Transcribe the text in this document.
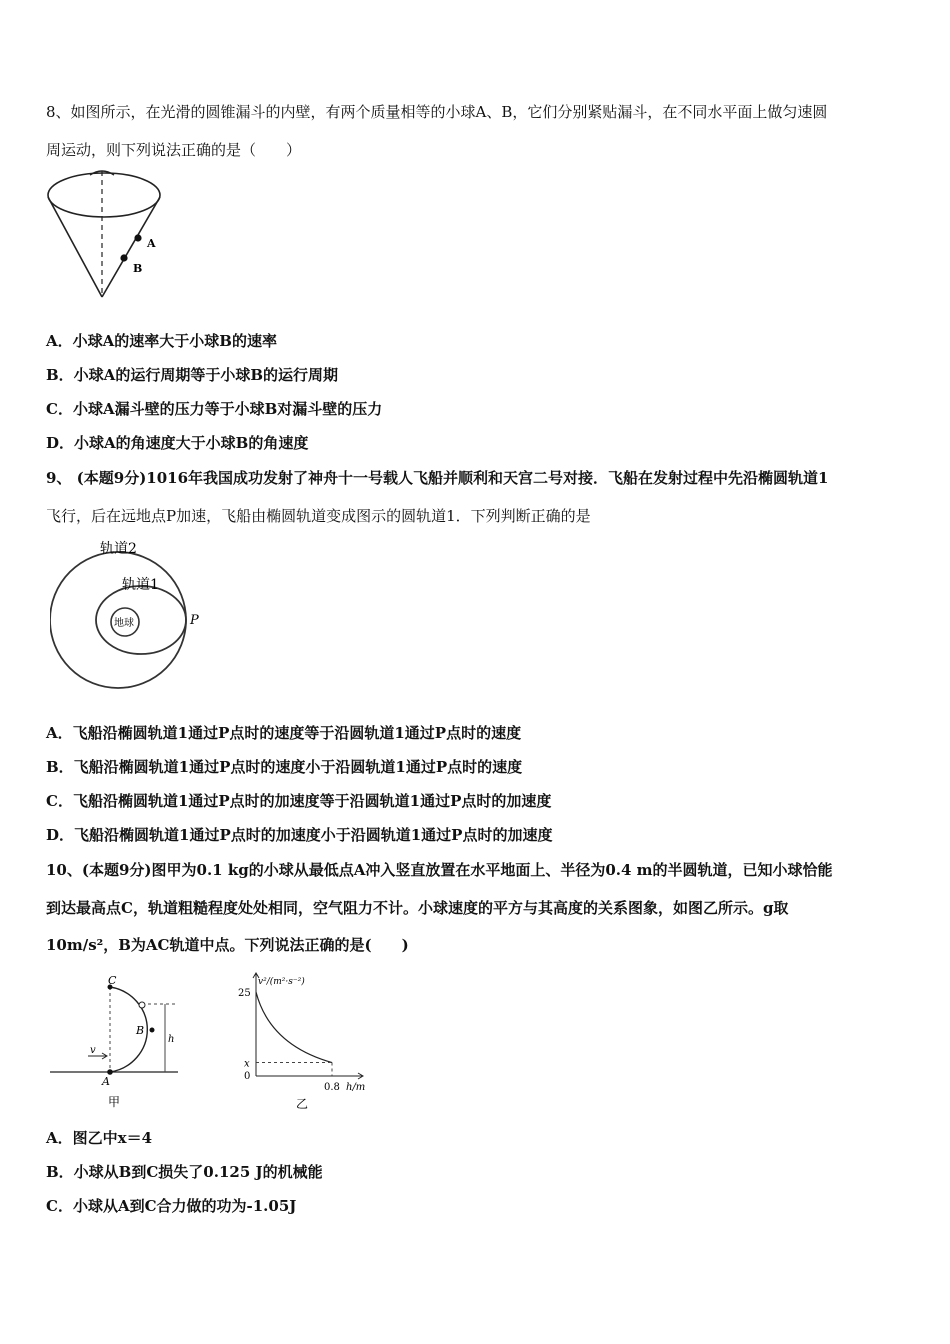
8、如图所示，在光滑的圆锥漏斗的内壁，有两个质量相等的小球A、B，它们分别紧贴漏斗，在不同水平面上做匀速圆
周运动，则下列说法正确的是（　　）
A
B
A．小球A的速率大于小球B的速率
B．小球A的运行周期等于小球B的运行周期
C．小球A漏斗壁的压力等于小球B对漏斗壁的压力
D．小球A的角速度大于小球B的角速度
9、 (本题9分)1016年我国成功发射了神舟十一号载人飞船并顺利和天宫二号对接．飞船在发射过程中先沿椭圆轨道1
飞行，后在远地点P加速，飞船由椭圆轨道变成图示的圆轨道1．下列判断正确的是
轨道2
轨道1
地球	P
A．飞船沿椭圆轨道1通过P点时的速度等于沿圆轨道1通过P点时的速度
B．飞船沿椭圆轨道1通过P点时的速度小于沿圆轨道1通过P点时的速度
C．飞船沿椭圆轨道1通过P点时的加速度等于沿圆轨道1通过P点时的加速度
D．飞船沿椭圆轨道1通过P点时的加速度小于沿圆轨道1通过P点时的加速度
10、(本题9分)图甲为0.1 kg的小球从最低点A冲入竖直放置在水平地面上、半径为0.4 m的半圆轨道，已知小球恰能
到达最高点C，轨道粗糙程度处处相同，空气阻力不计。小球速度的平方与其高度的关系图象，如图乙所示。g取
10m/s²，B为AC轨道中点。下列说法正确的是(　　)
C
B
A
v
h
甲
v²/(m²·s⁻²)
25
x
0
0.8 h/m
乙
A．图乙中x＝4
B．小球从B到C损失了0.125 J的机械能
C．小球从A到C合力做的功为-1.05J
